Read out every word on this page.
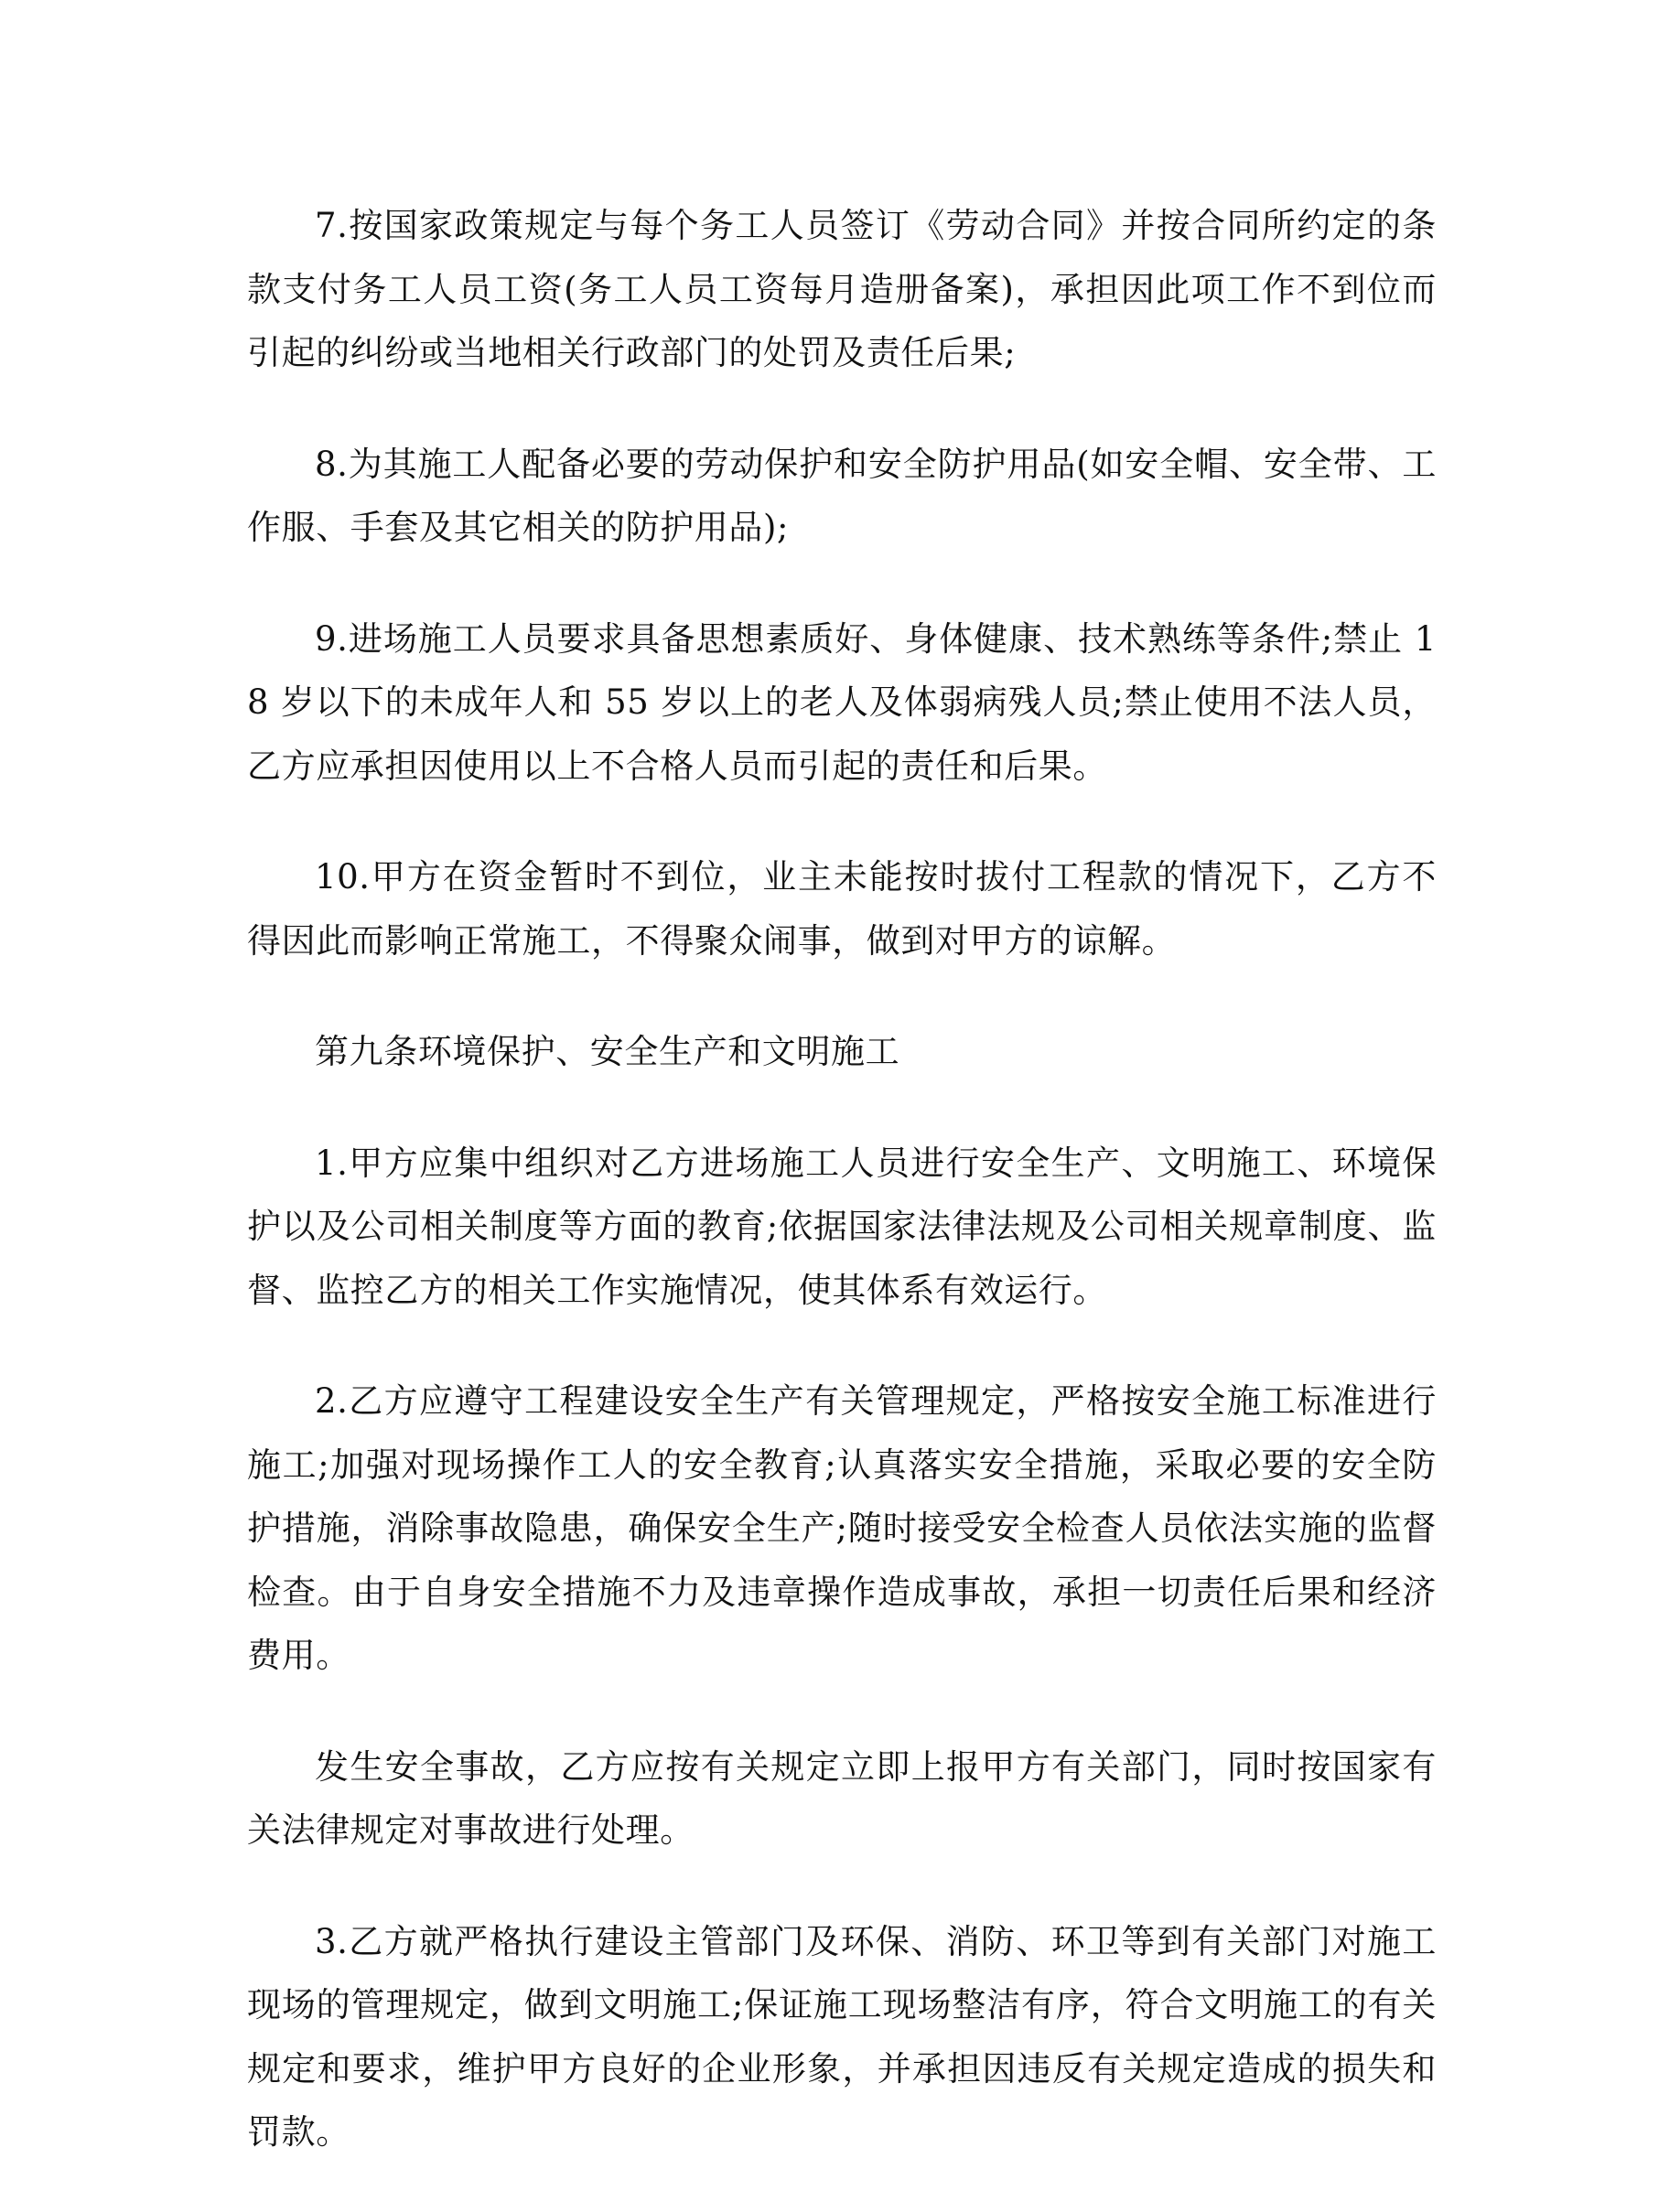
7.按国家政策规定与每个务工人员签订《劳动合同》并按合同所约定的条款支付务工人员工资(务工人员工资每月造册备案)，承担因此项工作不到位而引起的纠纷或当地相关行政部门的处罚及责任后果;

8.为其施工人配备必要的劳动保护和安全防护用品(如安全帽、安全带、工作服、手套及其它相关的防护用品);

9.进场施工人员要求具备思想素质好、身体健康、技术熟练等条件;禁止 18 岁以下的未成年人和 55 岁以上的老人及体弱病残人员;禁止使用不法人员，乙方应承担因使用以上不合格人员而引起的责任和后果。

10.甲方在资金暂时不到位，业主未能按时拔付工程款的情况下，乙方不得因此而影响正常施工，不得聚众闹事，做到对甲方的谅解。

第九条环境保护、安全生产和文明施工

1.甲方应集中组织对乙方进场施工人员进行安全生产、文明施工、环境保护以及公司相关制度等方面的教育;依据国家法律法规及公司相关规章制度、监督、监控乙方的相关工作实施情况，使其体系有效运行。

2.乙方应遵守工程建设安全生产有关管理规定，严格按安全施工标准进行施工;加强对现场操作工人的安全教育;认真落实安全措施，采取必要的安全防护措施，消除事故隐患，确保安全生产;随时接受安全检查人员依法实施的监督检查。由于自身安全措施不力及违章操作造成事故，承担一切责任后果和经济费用。

发生安全事故，乙方应按有关规定立即上报甲方有关部门，同时按国家有关法律规定对事故进行处理。

3.乙方就严格执行建设主管部门及环保、消防、环卫等到有关部门对施工现场的管理规定，做到文明施工;保证施工现场整洁有序，符合文明施工的有关规定和要求，维护甲方良好的企业形象，并承担因违反有关规定造成的损失和罚款。
